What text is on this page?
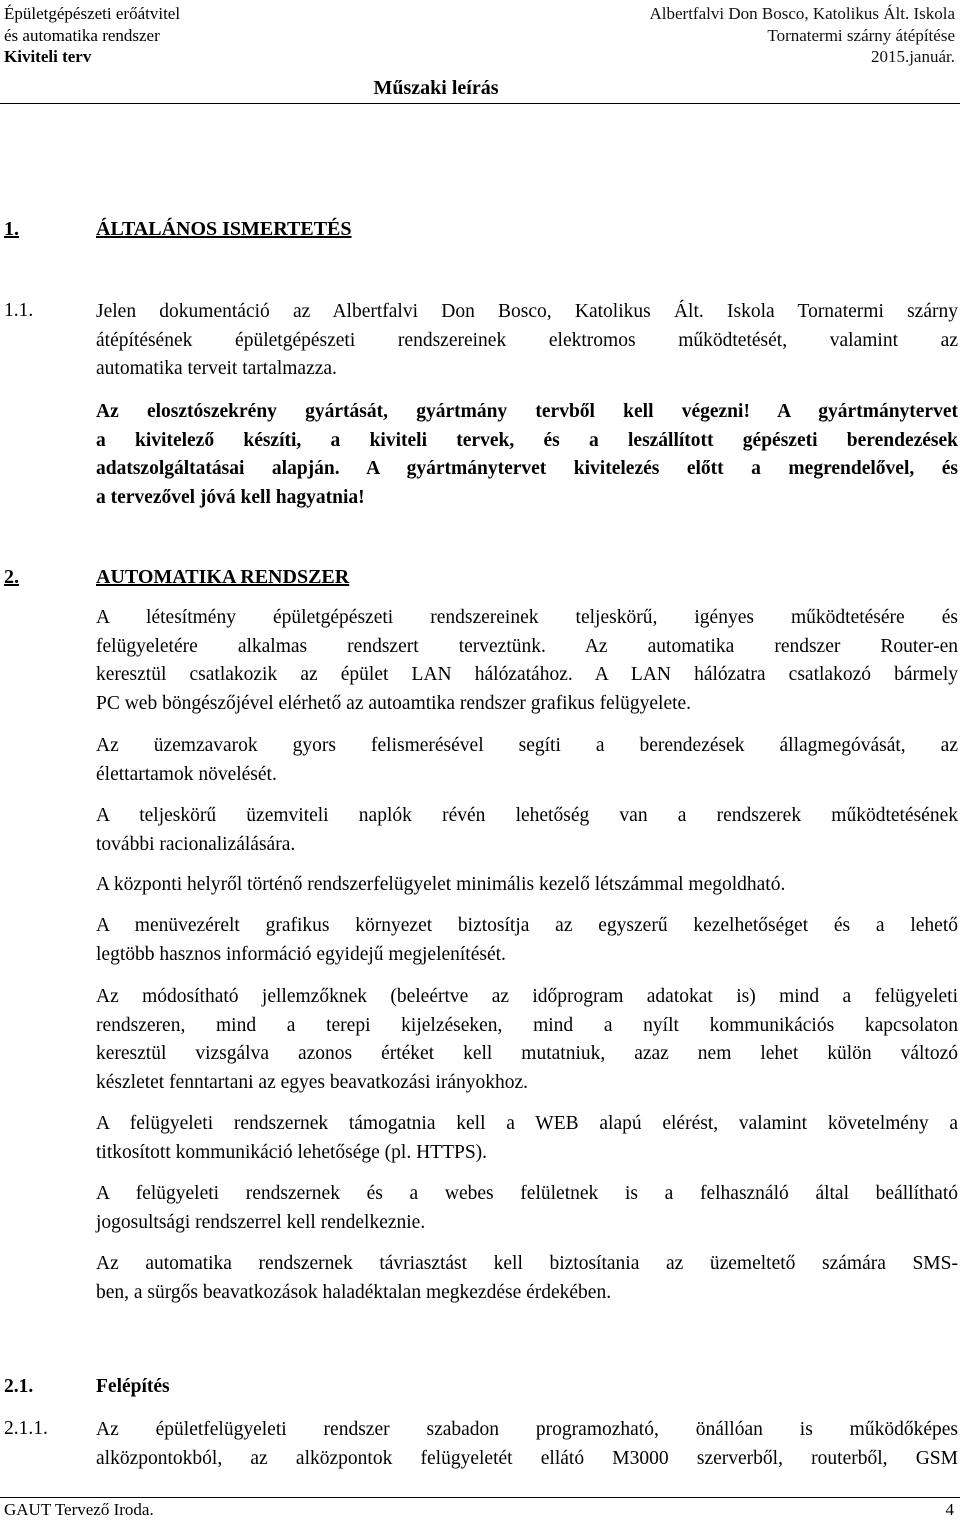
Épületgépészeti erőátvitel
és automatika rendszer
Kiviteli terv
Albertfalvi Don Bosco, Katolikus Ált. Iskola
Tornatermi szárny átépítése
2015.január.
Műszaki leírás
1.	ÁLTALÁNOS ISMERTETÉS
1.1.	Jelen dokumentáció az Albertfalvi Don Bosco, Katolikus Ált. Iskola Tornatermi szárny

átépítésének épületgépészeti rendszereinek elektromos működtetését, valamint az

automatika terveit tartalmazza.

Az elosztószekrény gyártását, gyártmány tervből kell végezni! A gyártmánytervet

a kivitelező készíti, a kiviteli tervek, és a leszállított gépészeti berendezések

adatszolgáltatásai alapján. A gyártmánytervet kivitelezés előtt a megrendelővel, és

a tervezővel jóvá kell hagyatnia!

2.	AUTOMATIKA RENDSZER

A létesítmény épületgépészeti rendszereinek teljeskörű, igényes működtetésére és

felügyeletére alkalmas rendszert terveztünk. Az automatika rendszer Router-en

keresztül csatlakozik az épület LAN hálózatához. A LAN hálózatra csatlakozó bármely

PC web böngészőjével elérhető az autoamtika rendszer grafikus felügyelete.

Az üzemzavarok gyors felismerésével segíti a berendezések állagmegóvását, az

élettartamok növelését.

A teljeskörű üzemviteli naplók révén lehetőség van a rendszerek működtetésének

további racionalizálására.

A központi helyről történő rendszerfelügyelet minimális kezelő létszámmal megoldható.

A menüvezérelt grafikus környezet biztosítja az egyszerű kezelhetőséget és a lehető

legtöbb hasznos információ egyidejű megjelenítését.

Az módosítható jellemzőknek (beleértve az időprogram adatokat is) mind a felügyeleti

rendszeren, mind a terepi kijelzéseken, mind a nyílt kommunikációs kapcsolaton

keresztül vizsgálva azonos értéket kell mutatniuk, azaz nem lehet külön változó

készletet fenntartani az egyes beavatkozási irányokhoz.

A felügyeleti rendszernek támogatnia kell a WEB alapú elérést, valamint követelmény a

titkosított kommunikáció lehetősége (pl. HTTPS).

A felügyeleti rendszernek és a webes felületnek is a felhasználó által beállítható

jogosultsági rendszerrel kell rendelkeznie.

Az automatika rendszernek távriasztást kell biztosítania az üzemeltető számára SMS-

ben, a sürgős beavatkozások haladéktalan megkezdése érdekében.

2.1.	Felépítés
2.1.1. Az épületfelügyeleti rendszer szabadon programozható, önállóan is működőképes

alközpontokból, az alközpontok felügyeletét ellátó M3000 szerverből, routerből, GSM

GAUT Tervező Iroda.	4
